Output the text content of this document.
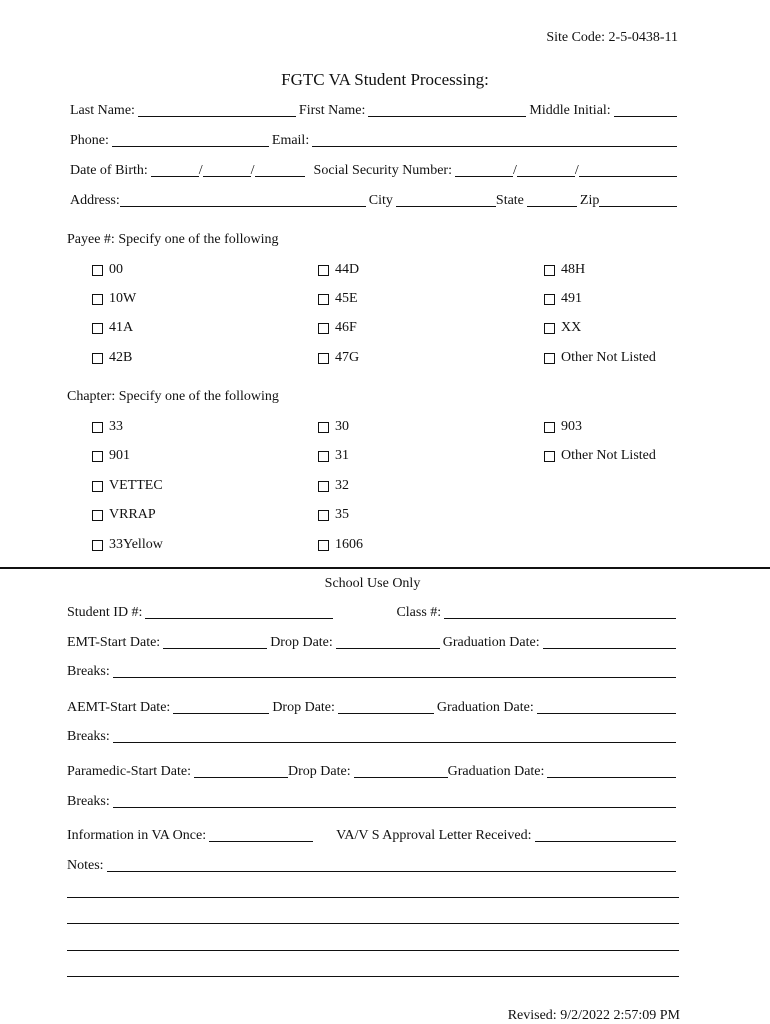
Site Code: 2-5-0438-11
FGTC VA Student Processing:
Last Name:	First Name:	Middle Initial:
Phone:	Email:
Date of Birth:	/	/	Social Security Number:	/	/
Address:	City	State	Zip
Payee #: Specify one of the following
00	44D	48H
10W	45E	491
41A	46F	XX
42B	47G	Other Not Listed
Chapter: Specify one of the following
33	30	903
901	31	Other Not Listed
VETTEC	32
VRRAP	35
33Yellow	1606
School Use Only
Student ID #:	Class #:
EMT-Start Date:	Drop Date:	Graduation Date:
Breaks:
AEMT-Start Date:	Drop Date:	Graduation Date:
Breaks:
Paramedic-Start Date:	Drop Date:	Graduation Date:
Breaks:
Information in VA Once:	VA/V S Approval Letter Received:
Notes:
Revised: 9/2/2022 2:57:09 PM
